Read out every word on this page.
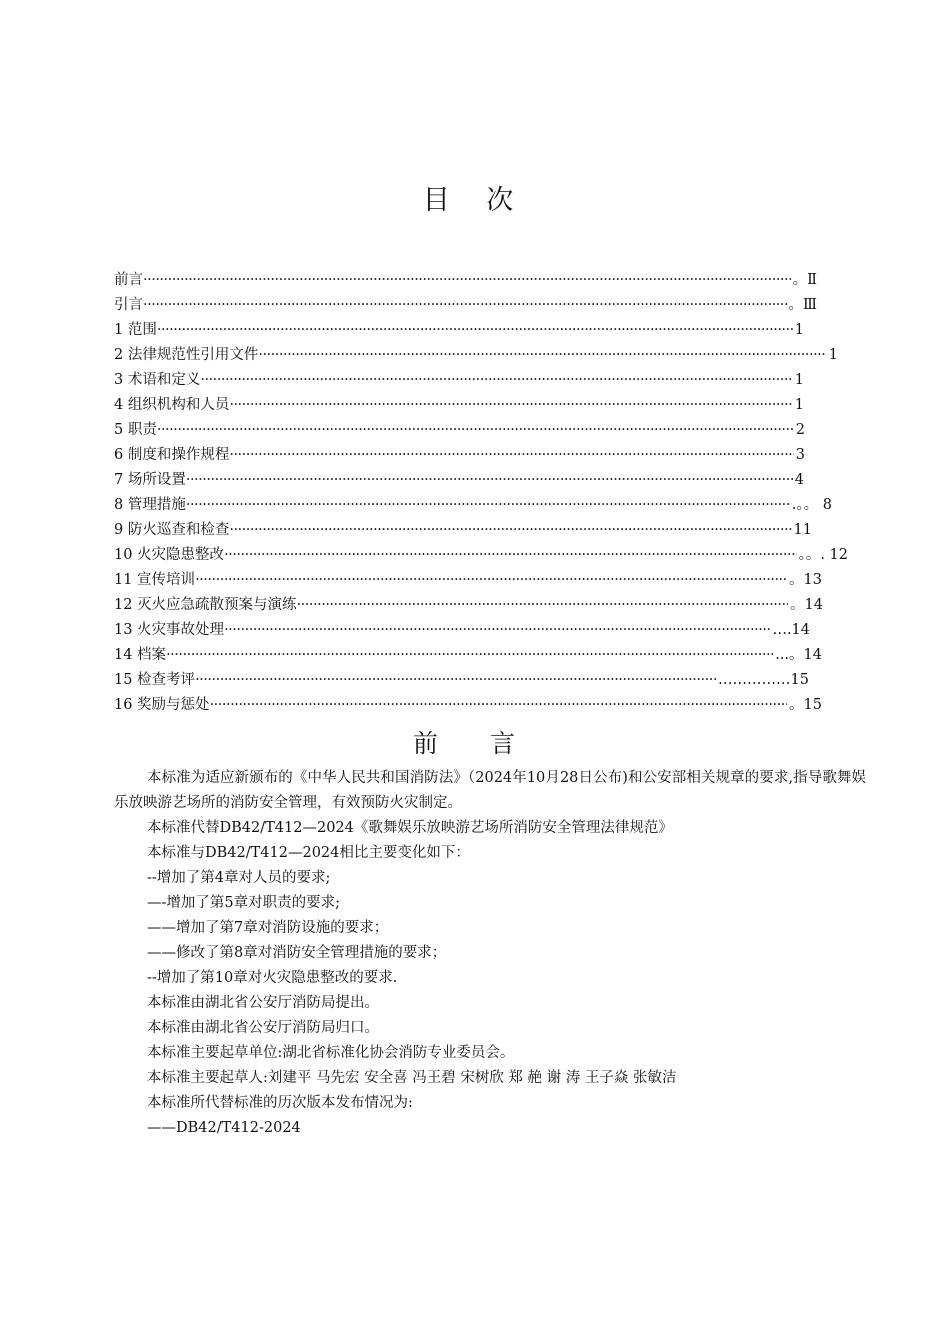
目 次
前言 ·····	。Ⅱ
引言 ·····	。Ⅲ
1 范围 ·····	1
2 法律规范性引用文件 ·····	1
3 术语和定义 ·····	1
4 组织机构和人员 ·····	1
5 职责 ·····	2
6 制度和操作规程 ·····	3
7 场所设置 ·····	4
8 管理措施 ·····	.。。 8
9 防火巡查和检查 ·····	11
10 火灾隐患整改 ·····	。。. 12
11 宣传培训 ·····	。13
12 灭火应急疏散预案与演练 ·····	。14
13 火灾事故处理 ·····	….14
14 档案 ·····	...。14
15 检查考评 ·····	……………15
16 奖励与惩处 ·····	。15
前 言

本标准为适应新颁布的《中华人民共和国消防法》（2024年10月28日公布)和公安部相关规章的要求,指导歌舞娱乐放映游艺场所的消防安全管理，有效预防火灾制定。

本标准代替DB42/T412—2024《歌舞娱乐放映游艺场所消防安全管理法律规范》

本标准与DB42/T412—2024相比主要变化如下：

--增加了第4章对人员的要求;

—-增加了第5章对职责的要求;

——增加了第7章对消防设施的要求；

——修改了第8章对消防安全管理措施的要求；

--增加了第10章对火灾隐患整改的要求.

本标准由湖北省公安厅消防局提出。

本标准由湖北省公安厅消防局归口。

本标准主要起草单位:湖北省标准化协会消防专业委员会。

本标准主要起草人:刘建平 马先宏 安全喜 冯王碧 宋树欣 郑 赩 谢 涛 王子焱 张敏洁

本标准所代替标准的历次版本发布情况为:

——DB42/T412-2024
